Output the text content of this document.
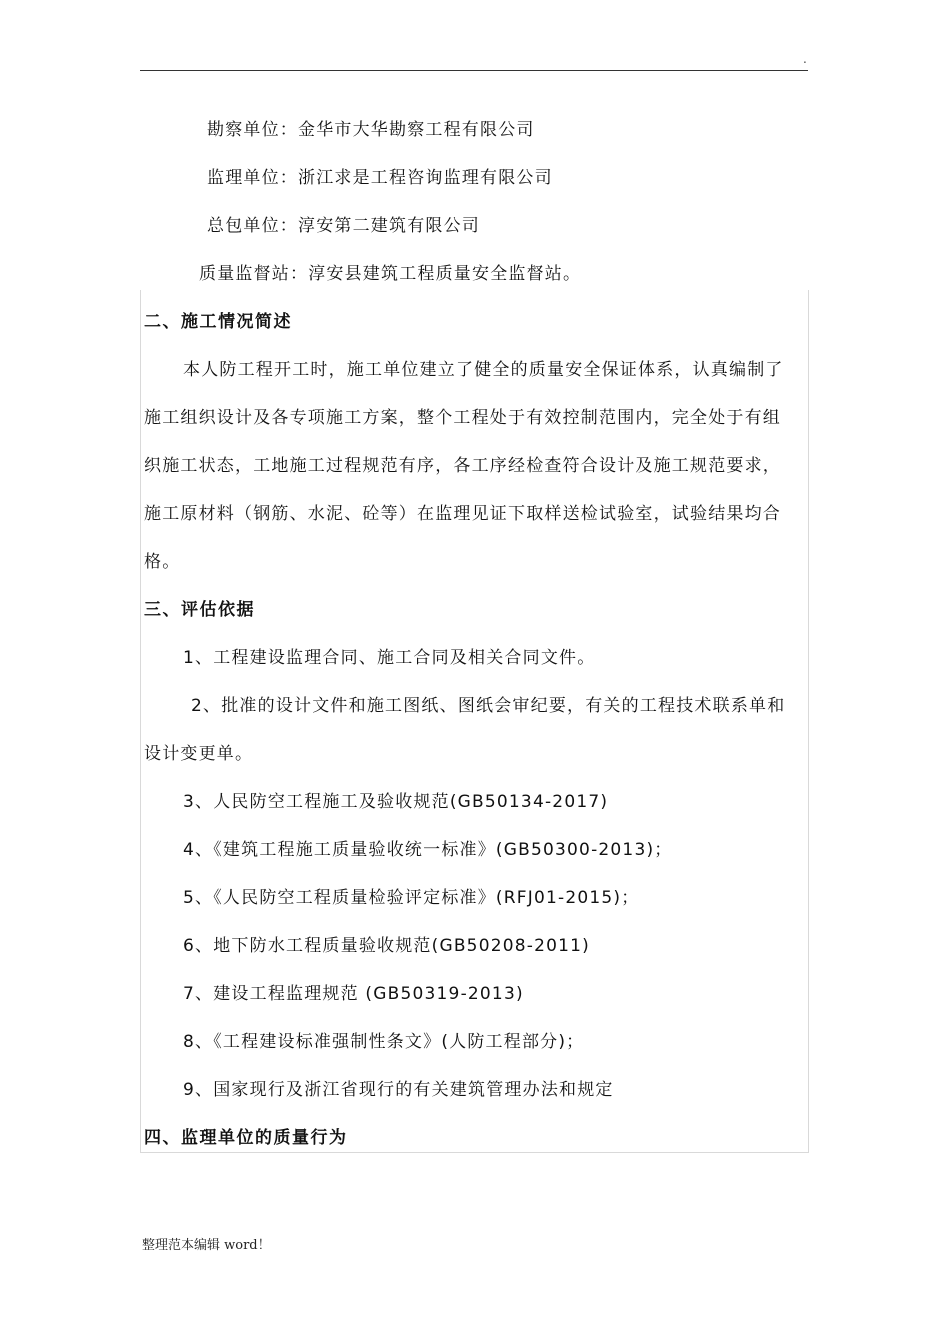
.
勘察单位：金华市大华勘察工程有限公司
监理单位：浙江求是工程咨询监理有限公司
总包单位：淳安第二建筑有限公司
质量监督站：淳安县建筑工程质量安全监督站。
二、施工情况简述
本人防工程开工时，施工单位建立了健全的质量安全保证体系，认真编制了
施工组织设计及各专项施工方案，整个工程处于有效控制范围内，完全处于有组
织施工状态，工地施工过程规范有序，各工序经检查符合设计及施工规范要求，
施工原材料（钢筋、水泥、砼等）在监理见证下取样送检试验室，试验结果均合
格。
三、评估依据
1、工程建设监理合同、施工合同及相关合同文件。
2、批准的设计文件和施工图纸、图纸会审纪要，有关的工程技术联系单和
设计变更单。
3、人民防空工程施工及验收规范(GB50134-2017)
4、《建筑工程施工质量验收统一标准》(GB50300-2013)；
5、《人民防空工程质量检验评定标准》(RFJ01-2015)；
6、地下防水工程质量验收规范(GB50208-2011)
7、建设工程监理规范 (GB50319-2013)
8、《工程建设标准强制性条文》(人防工程部分)；
9、国家现行及浙江省现行的有关建筑管理办法和规定
四、监理单位的质量行为
整理范本编辑 word！
